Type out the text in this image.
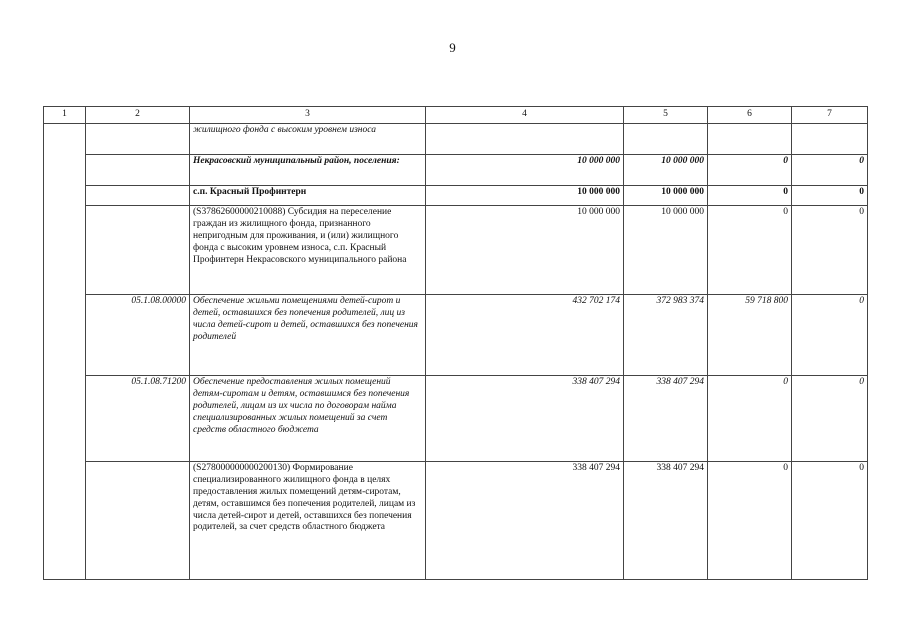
9
1	2	3	4	5	6	7
		жилищного фонда с высоким уровнем износа				
		Некрасовский муниципальный район, поселения:	10 000 000	10 000 000	0	0
		с.п. Красный Профинтерн	10 000 000	10 000 000	0	0
		(S37862600000210088) Субсидия на переселение граждан из жилищного фонда, признанного непригодным для проживания, и (или) жилищного фонда с высоким уровнем износа, с.п. Красный Профинтерн Некрасовского муниципального района	10 000 000	10 000 000	0	0
	05.1.08.00000	Обеспечение жильми помещениями детей-сирот и детей, оставшихся без попечения родителей, лиц из числа детей-сирот и детей, оставшихся без попечения родителей	432 702 174	372 983 374	59 718 800	0
	05.1.08.71200	Обеспечение предоставления жилых помещений детям-сиротам и детям, оставшимся без попечения родителей, лицам из их числа по договорам найма специализированных жилых помещений за счет средств областного бюджета	338 407 294	338 407 294	0	0
		(S278000000000200130) Формирование специализированного жилищного фонда в целях предоставления жилых помещений детям-сиротам, детям, оставшимся без попечения родителей, лицам из числа детей-сирот и детей, оставшихся без попечения родителей, за счет средств областного бюджета	338 407 294	338 407 294	0	0
